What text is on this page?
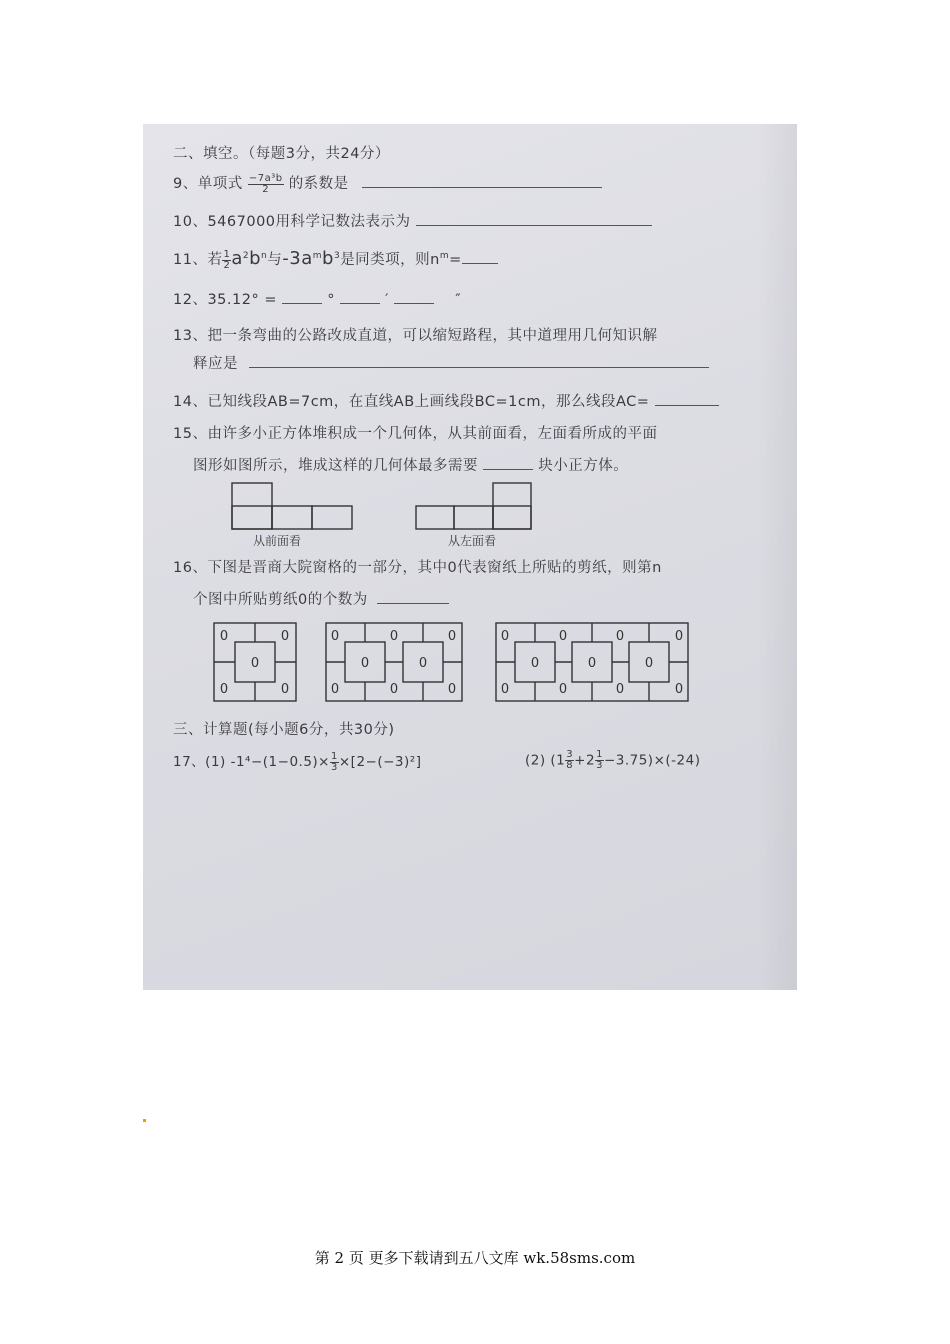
二、填空。（每题3分，共24分）
9、单项式 $\frac{\text{−7a³b}}{2}$ 的系数是
10、5467000用科学记数法表示为
11、若 $\frac{1}{2} a^2b^n$与$-3a^mb^3$是同类项，则$n^m=$
12、35.12° =	°	′	″
13、把一条弯曲的公路改成直道，可以缩短路程，其中道理用几何知识解
释应是
14、已知线段AB=7cm，在直线AB上画线段BC=1cm，那么线段AC=
15、由许多小正方体堆积成一个几何体，从其前面看，左面看所成的平面
图形如图所示，堆成这样的几何体最多需要	块小正方体。
从前面看	从左面看
16、下图是晋商大院窗格的一部分，其中0代表窗纸上所贴的剪纸，则第n
个图中所贴剪纸0的个数为
0	0
0
0	0
0	0	0
0	0
0	0	0
0	0	0	0
0	0	0
0	0	0	0
三、计算题(每小题6分，共30分)
17、(1) $-1^4-(1-0.5)\times \frac{1}{3} \times[2-(-3)^2]$	(2) $(1 \frac{3}{8} +2 \frac{1}{3} -3.75)\times(-24)$
第 2 页 更多下载请到五八文库 wk.58sms.com
